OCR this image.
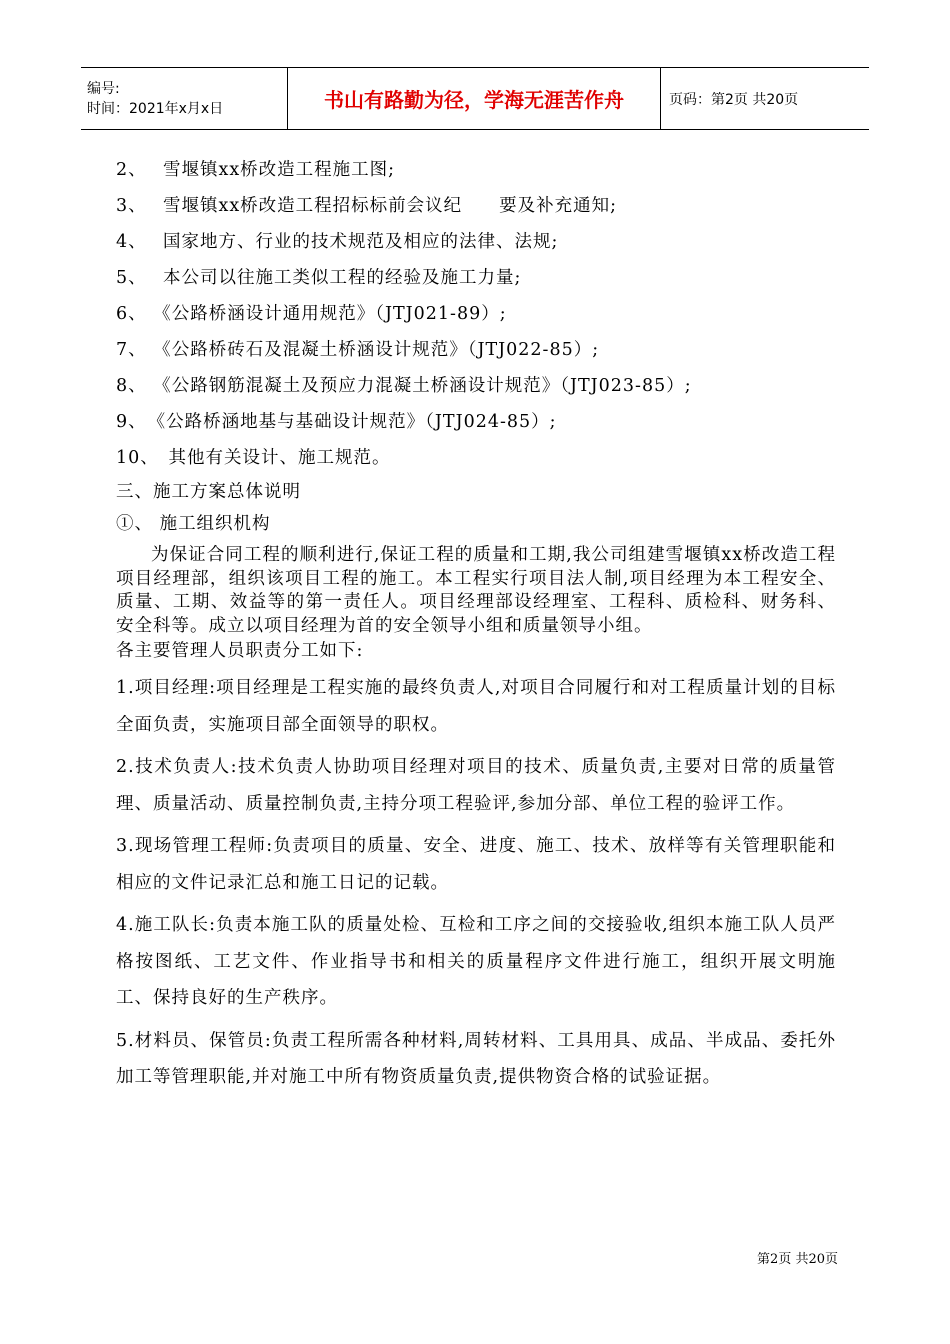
编号:
时间：2021年x月x日	书山有路勤为径，学海无涯苦作舟	页码：第2页 共20页
2、　 雪堰镇xx桥改造工程施工图;
3、　 雪堰镇xx桥改造工程招标标前会议纪　　要及补充通知;
4、　 国家地方、行业的技术规范及相应的法律、法规;
5、　 本公司以往施工类似工程的经验及施工力量;
6、 《公路桥涵设计通用规范》（JTJ021-89）;
7、 《公路桥砖石及混凝土桥涵设计规范》（JTJ022-85）;
8、 《公路钢筋混凝土及预应力混凝土桥涵设计规范》（JTJ023-85）;
9、　《公路桥涵地基与基础设计规范》（JTJ024-85）;
10、　其他有关设计、施工规范。
三、施工方案总体说明
①、 施工组织机构

为保证合同工程的顺利进行,保证工程的质量和工期,我公司组建雪堰镇xx桥改造工程项目经理部，组织该项目工程的施工。本工程实行项目法人制,项目经理为本工程安全、质量、工期、效益等的第一责任人。项目经理部设经理室、工程科、质检科、财务科、安全科等。成立以项目经理为首的安全领导小组和质量领导小组。

各主要管理人员职责分工如下:
1.项目经理:项目经理是工程实施的最终负责人,对项目合同履行和对工程质量计划的目标全面负责，实施项目部全面领导的职权。
2.技术负责人:技术负责人协助项目经理对项目的技术、质量负责,主要对日常的质量管理、质量活动、质量控制负责,主持分项工程验评,参加分部、单位工程的验评工作。
3.现场管理工程师:负责项目的质量、安全、进度、施工、技术、放样等有关管理职能和相应的文件记录汇总和施工日记的记载。
4.施工队长:负责本施工队的质量处检、互检和工序之间的交接验收,组织本施工队人员严格按图纸、工艺文件、作业指导书和相关的质量程序文件进行施工，组织开展文明施工、保持良好的生产秩序。
5.材料员、保管员:负责工程所需各种材料,周转材料、工具用具、成品、半成品、委托外加工等管理职能,并对施工中所有物资质量负责,提供物资合格的试验证据。
第2页 共20页
